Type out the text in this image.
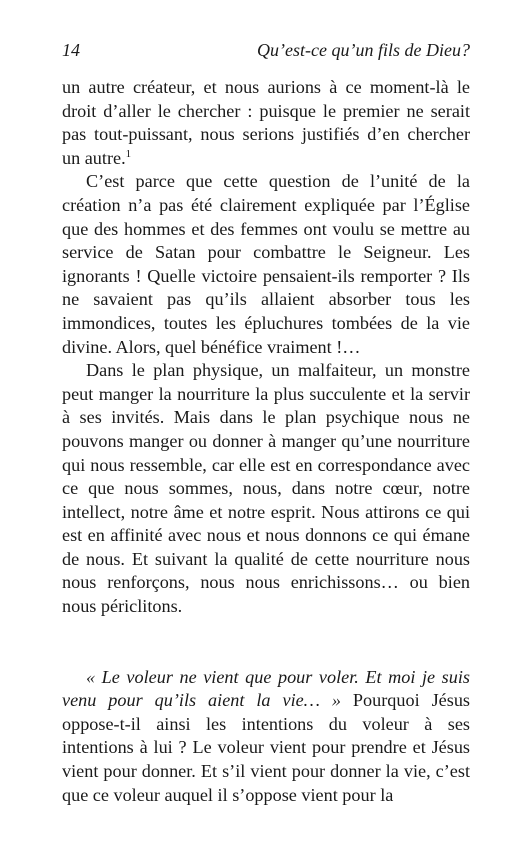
14	Qu’est-ce qu’un fils de Dieu?

un autre créateur, et nous aurions à ce moment-là le droit d’aller le chercher : puisque le premier ne serait pas tout-puissant, nous serions justifiés d’en chercher un autre.$^1$

C’est parce que cette question de l’unité de la création n’a pas été clairement expliquée par l’Église que des hommes et des femmes ont voulu se mettre au service de Satan pour combattre le Seigneur. Les ignorants ! Quelle victoire pensaient-ils remporter ? Ils ne savaient pas qu’ils allaient absorber tous les immondices, toutes les épluchures tombées de la vie divine. Alors, quel bénéfice vraiment !…

Dans le plan physique, un malfaiteur, un monstre peut manger la nourriture la plus succulente et la servir à ses invités. Mais dans le plan psychique nous ne pouvons manger ou donner à manger qu’une nourriture qui nous ressemble, car elle est en correspondance avec ce que nous sommes, nous, dans notre cœur, notre intellect, notre âme et notre esprit. Nous attirons ce qui est en affinité avec nous et nous donnons ce qui émane de nous. Et suivant la qualité de cette nourriture nous nous renforçons, nous nous enrichissons… ou bien nous périclitons.

« Le voleur ne vient que pour voler. Et moi je suis venu pour qu’ils aient la vie… » Pourquoi Jésus oppose-t-il ainsi les intentions du voleur à ses intentions à lui ? Le voleur vient pour prendre et Jésus vient pour donner. Et s’il vient pour donner la vie, c’est que ce voleur auquel il s’oppose vient pour la
